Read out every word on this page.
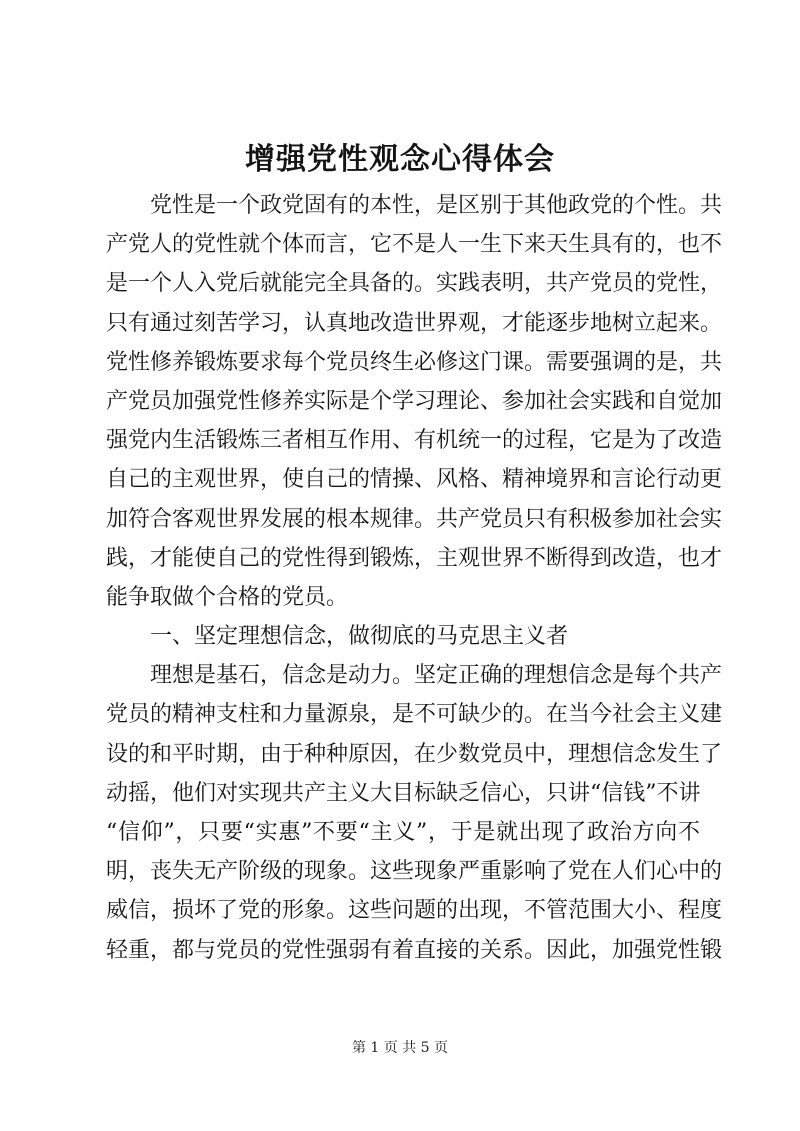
增强党性观念心得体会
党性是一个政党固有的本性，是区别于其他政党的个性。共
产党人的党性就个体而言，它不是人一生下来天生具有的，也不
是一个人入党后就能完全具备的。实践表明，共产党员的党性，
只有通过刻苦学习，认真地改造世界观，才能逐步地树立起来。
党性修养锻炼要求每个党员终生必修这门课。需要强调的是，共
产党员加强党性修养实际是个学习理论、参加社会实践和自觉加
强党内生活锻炼三者相互作用、有机统一的过程，它是为了改造
自己的主观世界，使自己的情操、风格、精神境界和言论行动更
加符合客观世界发展的根本规律。共产党员只有积极参加社会实
践，才能使自己的党性得到锻炼，主观世界不断得到改造，也才
能争取做个合格的党员。
一、坚定理想信念，做彻底的马克思主义者
理想是基石，信念是动力。坚定正确的理想信念是每个共产
党员的精神支柱和力量源泉，是不可缺少的。在当今社会主义建
设的和平时期，由于种种原因，在少数党员中，理想信念发生了
动摇，他们对实现共产主义大目标缺乏信心，只讲“信钱”不讲
“信仰”，只要“实惠”不要“主义”，于是就出现了政治方向不
明，丧失无产阶级的现象。这些现象严重影响了党在人们心中的
威信，损坏了党的形象。这些问题的出现，不管范围大小、程度
轻重，都与党员的党性强弱有着直接的关系。因此，加强党性锻
第 1 页 共 5 页
